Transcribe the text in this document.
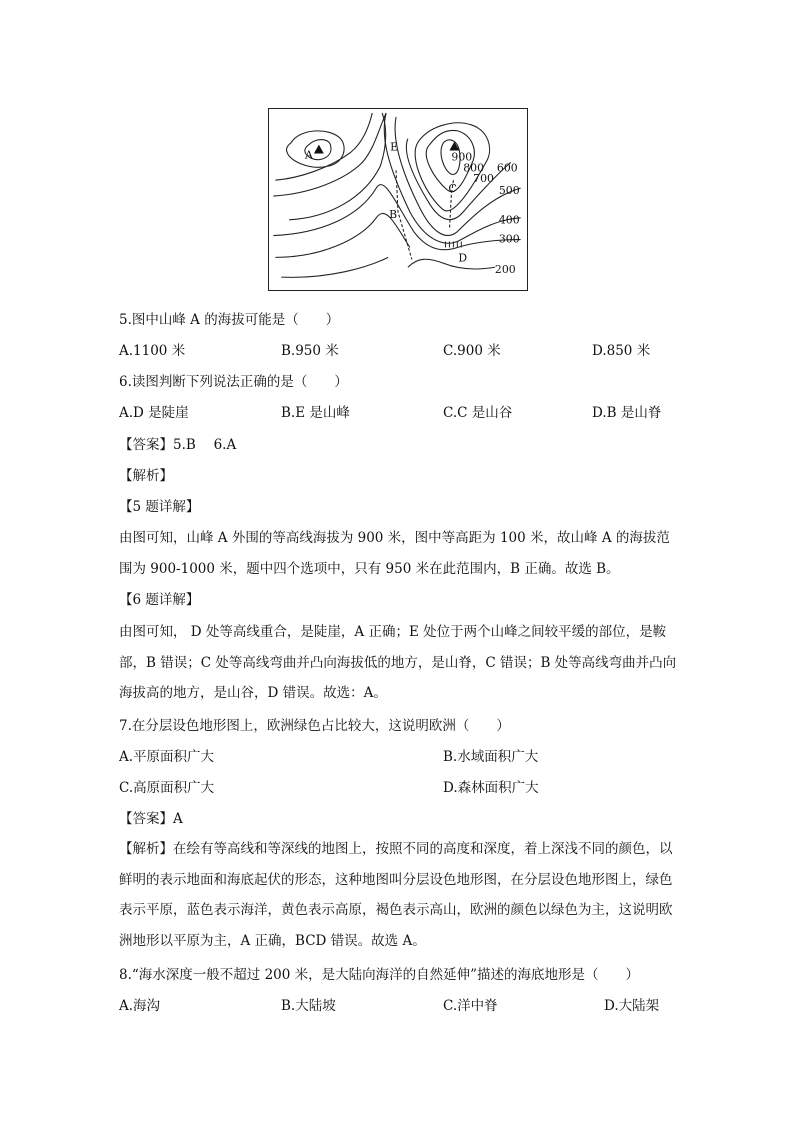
A
E
C
B
D
900
800
700
600
500
400
300
200
5.图中山峰 A 的海拔可能是（　　）
A.1100 米	B.950 米	C.900 米	D.850 米
6.读图判断下列说法正确的是（　　）
A.D 是陡崖	B.E 是山峰	C.C 是山谷	D.B 是山脊
【答案】5.B　 6.A
【解析】
【5 题详解】
由图可知，山峰 A 外围的等高线海拔为 900 米，图中等高距为 100 米，故山峰 A 的海拔范围为 900-1000 米，题中四个选项中，只有 950 米在此范围内，B 正确。故选 B。
【6 题详解】
由图可知， D 处等高线重合，是陡崖，A 正确；E 处位于两个山峰之间较平缓的部位，是鞍部，B 错误；C 处等高线弯曲并凸向海拔低的地方，是山脊，C 错误；B 处等高线弯曲并凸向海拔高的地方，是山谷，D 错误。故选：A。
7.在分层设色地形图上，欧洲绿色占比较大，这说明欧洲（　　）
A.平原面积广大	B.水域面积广大
C.高原面积广大	D.森林面积广大
【答案】A
【解析】在绘有等高线和等深线的地图上，按照不同的高度和深度，着上深浅不同的颜色，以鲜明的表示地面和海底起伏的形态，这种地图叫分层设色地形图，在分层设色地形图上，绿色表示平原，蓝色表示海洋，黄色表示高原，褐色表示高山，欧洲的颜色以绿色为主，这说明欧洲地形以平原为主，A 正确，BCD 错误。故选 A。
8.“海水深度一般不超过 200 米，是大陆向海洋的自然延伸”描述的海底地形是（　　）
A.海沟	B.大陆坡	C.洋中脊	D.大陆架
